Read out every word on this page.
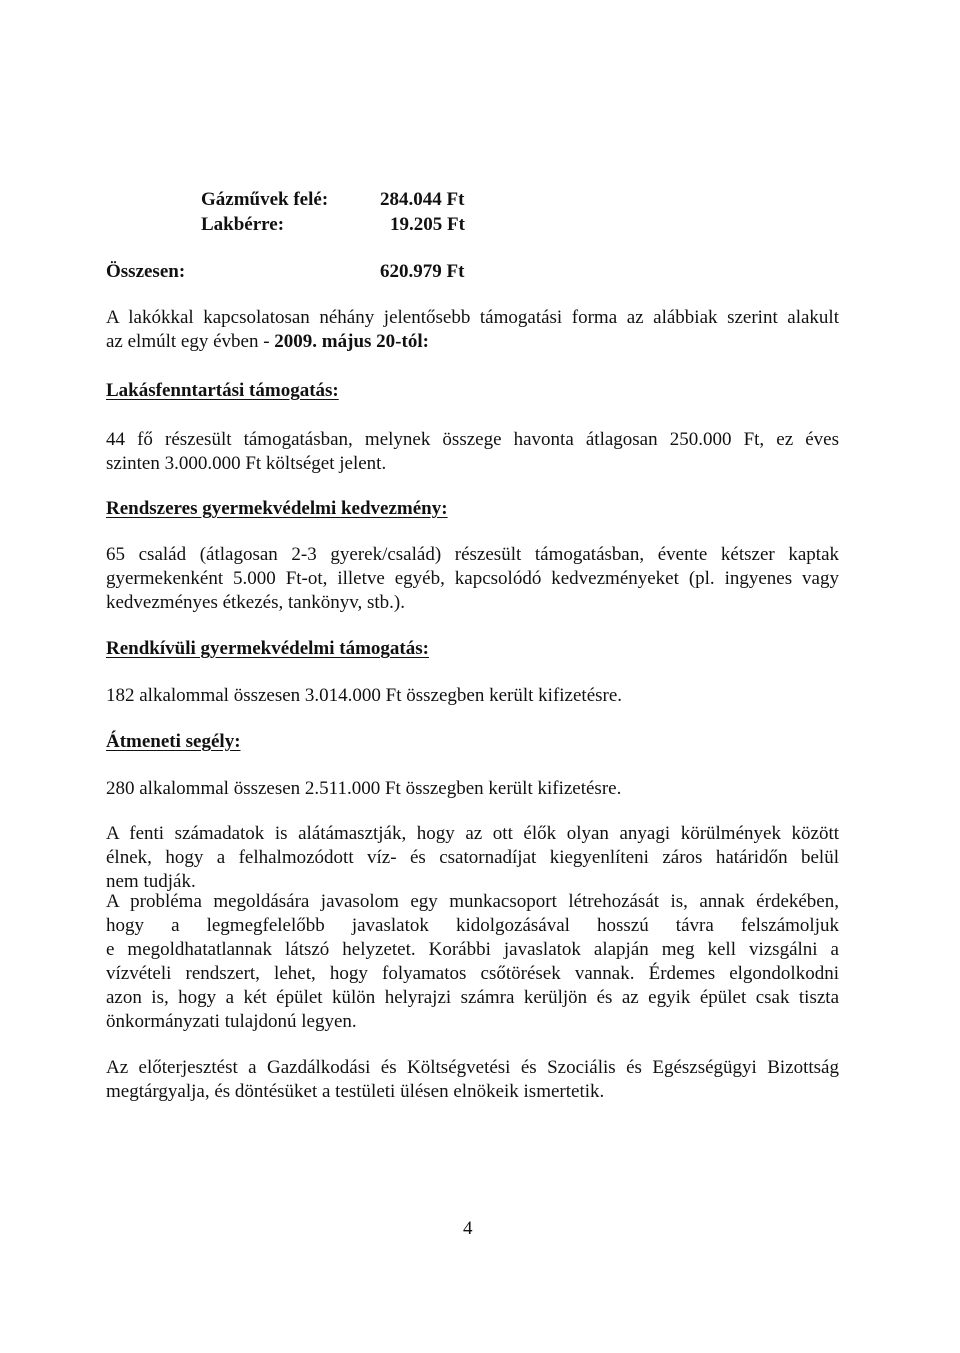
Gázművek felé:	284.044 Ft
Lakbérre:	19.205 Ft
Összesen:	620.979 Ft
A lakókkal kapcsolatosan néhány jelentősebb támogatási forma az alábbiak szerint alakult
az elmúlt egy évben - 2009. május 20-tól:
Lakásfenntartási támogatás:
44 fő részesült támogatásban, melynek összege havonta átlagosan 250.000 Ft, ez éves
szinten 3.000.000 Ft költséget jelent.
Rendszeres gyermekvédelmi kedvezmény:
65 család (átlagosan 2-3 gyerek/család) részesült támogatásban, évente kétszer kaptak
gyermekenként 5.000 Ft-ot, illetve egyéb, kapcsolódó kedvezményeket (pl. ingyenes vagy
kedvezményes étkezés, tankönyv, stb.).
Rendkívüli gyermekvédelmi támogatás:
182 alkalommal összesen 3.014.000 Ft összegben került kifizetésre.
Átmeneti segély:
280 alkalommal összesen 2.511.000 Ft összegben került kifizetésre.
A fenti számadatok is alátámasztják, hogy az ott élők olyan anyagi körülmények között
élnek, hogy a felhalmozódott víz- és csatornadíjat kiegyenlíteni záros határidőn belül
nem tudják.
A probléma megoldására javasolom egy munkacsoport létrehozását is, annak érdekében,
hogy a legmegfelelőbb javaslatok kidolgozásával hosszú távra felszámoljuk
e megoldhatatlannak látszó helyzetet. Korábbi javaslatok alapján meg kell vizsgálni a
vízvételi rendszert, lehet, hogy folyamatos csőtörések vannak. Érdemes elgondolkodni
azon is, hogy a két épület külön helyrajzi számra kerüljön és az egyik épület csak tiszta
önkormányzati tulajdonú legyen.
Az előterjesztést a Gazdálkodási és Költségvetési és Szociális és Egészségügyi Bizottság
megtárgyalja, és döntésüket a testületi ülésen elnökeik ismertetik.
4
